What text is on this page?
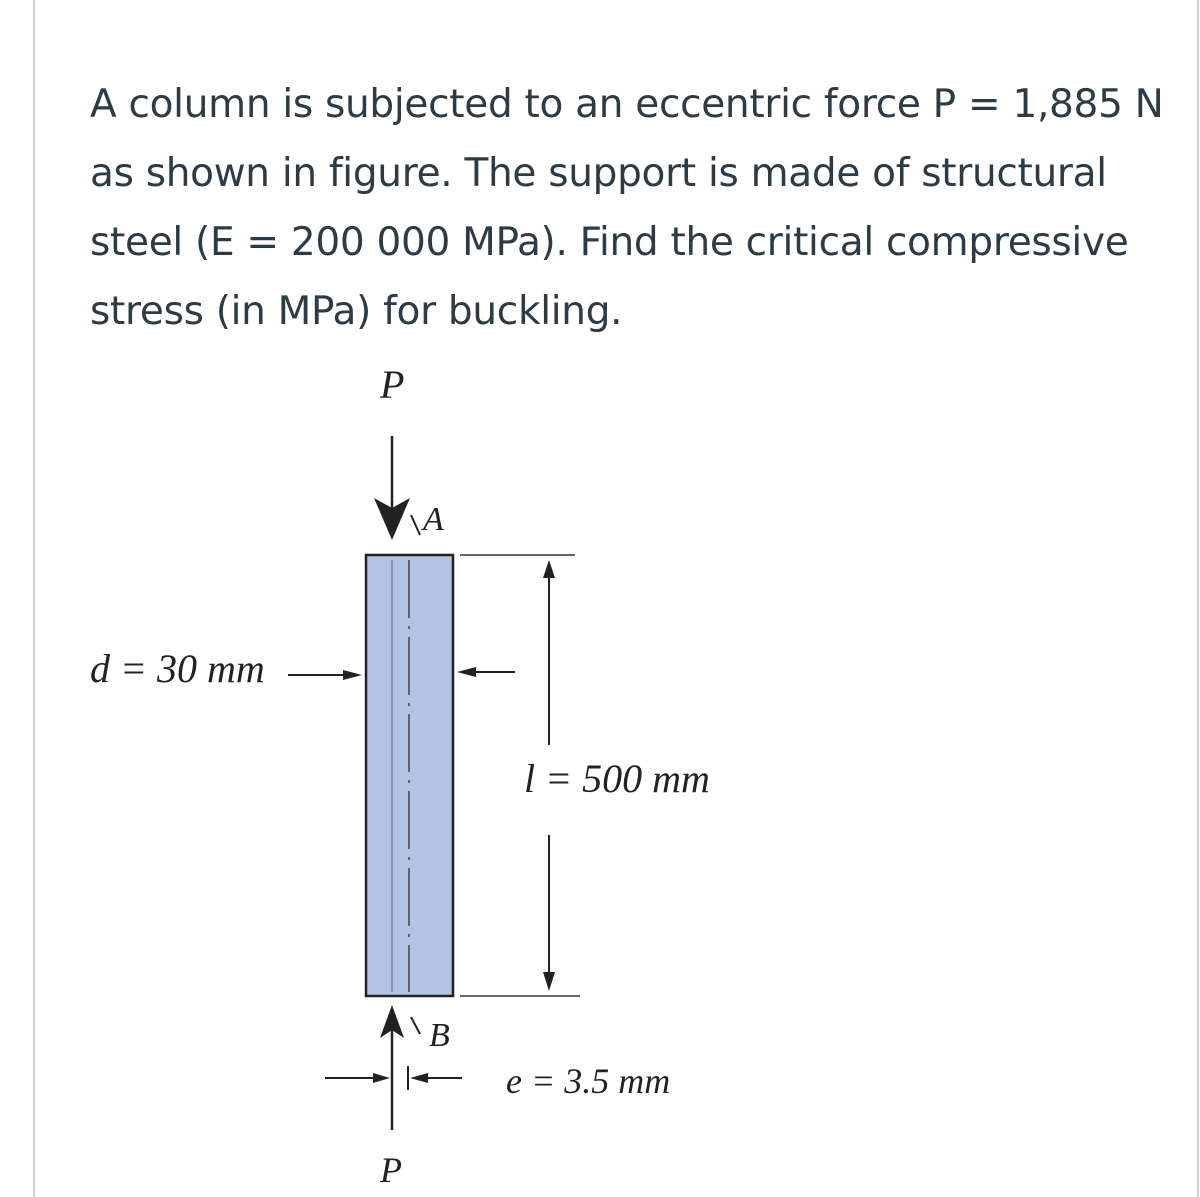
A column is subjected to an eccentric force P = 1,885 N as shown in figure. The support is made of structural steel (E = 200 000 MPa). Find the critical compressive stress (in MPa) for buckling.

P
A
d = 30 mm
l = 500 mm
B
e = 3.5 mm
P
